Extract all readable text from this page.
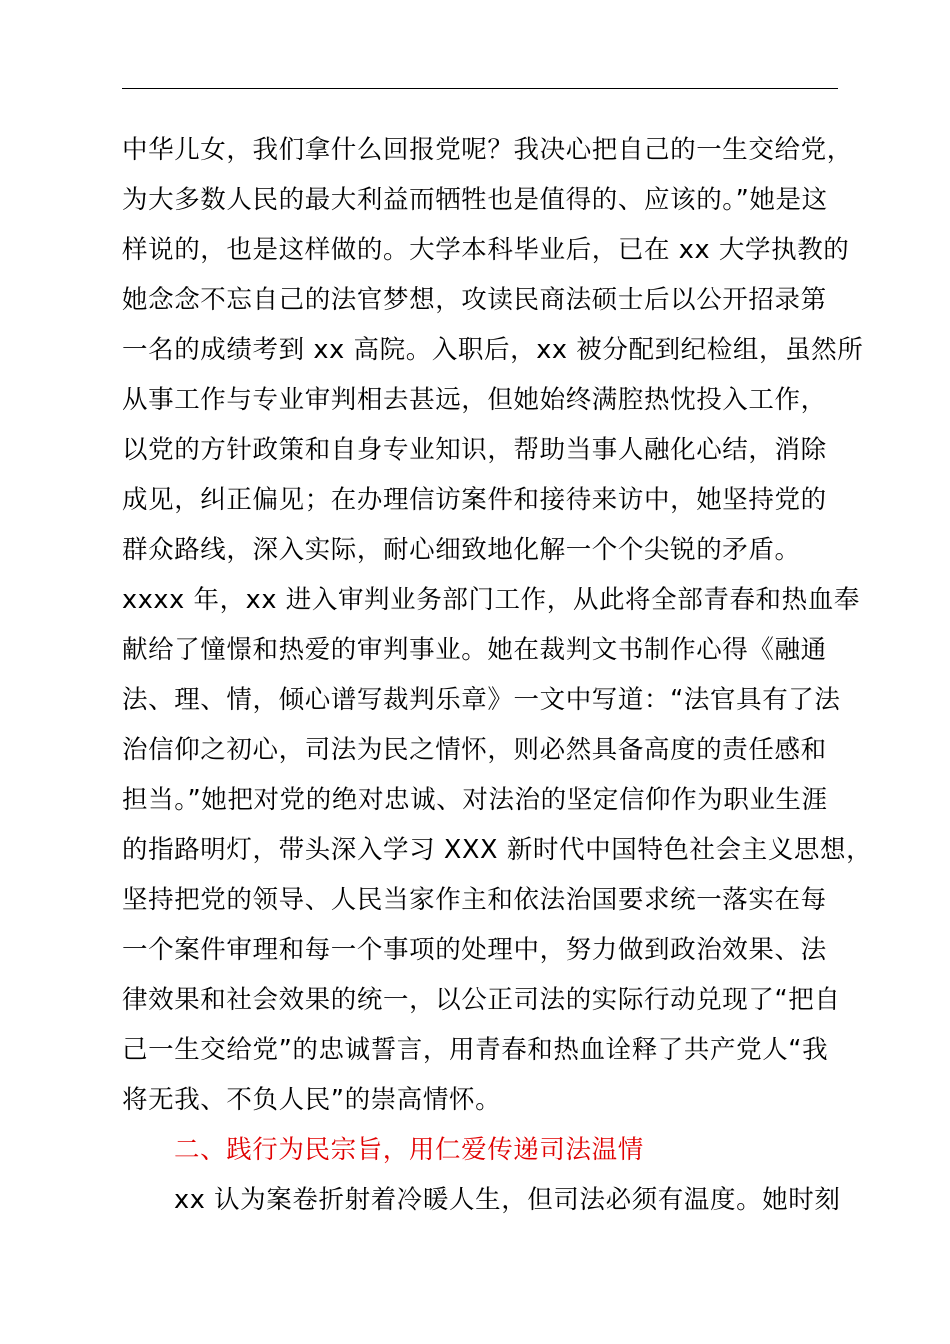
中华儿女，我们拿什么回报党呢？我决心把自己的一生交给党，
为大多数人民的最大利益而牺牲也是值得的、应该的。”她是这
样说的，也是这样做的。大学本科毕业后，已在 xx 大学执教的
她念念不忘自己的法官梦想，攻读民商法硕士后以公开招录第
一名的成绩考到 xx 高院。入职后，xx 被分配到纪检组，虽然所
从事工作与专业审判相去甚远，但她始终满腔热忱投入工作，
以党的方针政策和自身专业知识，帮助当事人融化心结，消除
成见，纠正偏见；在办理信访案件和接待来访中，她坚持党的
群众路线，深入实际，耐心细致地化解一个个尖锐的矛盾。
xxxx 年，xx 进入审判业务部门工作，从此将全部青春和热血奉
献给了憧憬和热爱的审判事业。她在裁判文书制作心得《融通
法、理、情，倾心谱写裁判乐章》一文中写道：“法官具有了法
治信仰之初心，司法为民之情怀，则必然具备高度的责任感和
担当。”她把对党的绝对忠诚、对法治的坚定信仰作为职业生涯
的指路明灯，带头深入学习 XXX 新时代中国特色社会主义思想，
坚持把党的领导、人民当家作主和依法治国要求统一落实在每
一个案件审理和每一个事项的处理中，努力做到政治效果、法
律效果和社会效果的统一，以公正司法的实际行动兑现了“把自
己一生交给党”的忠诚誓言，用青春和热血诠释了共产党人“我
将无我、不负人民”的崇高情怀。
二、践行为民宗旨，用仁爱传递司法温情
xx 认为案卷折射着冷暖人生，但司法必须有温度。她时刻
